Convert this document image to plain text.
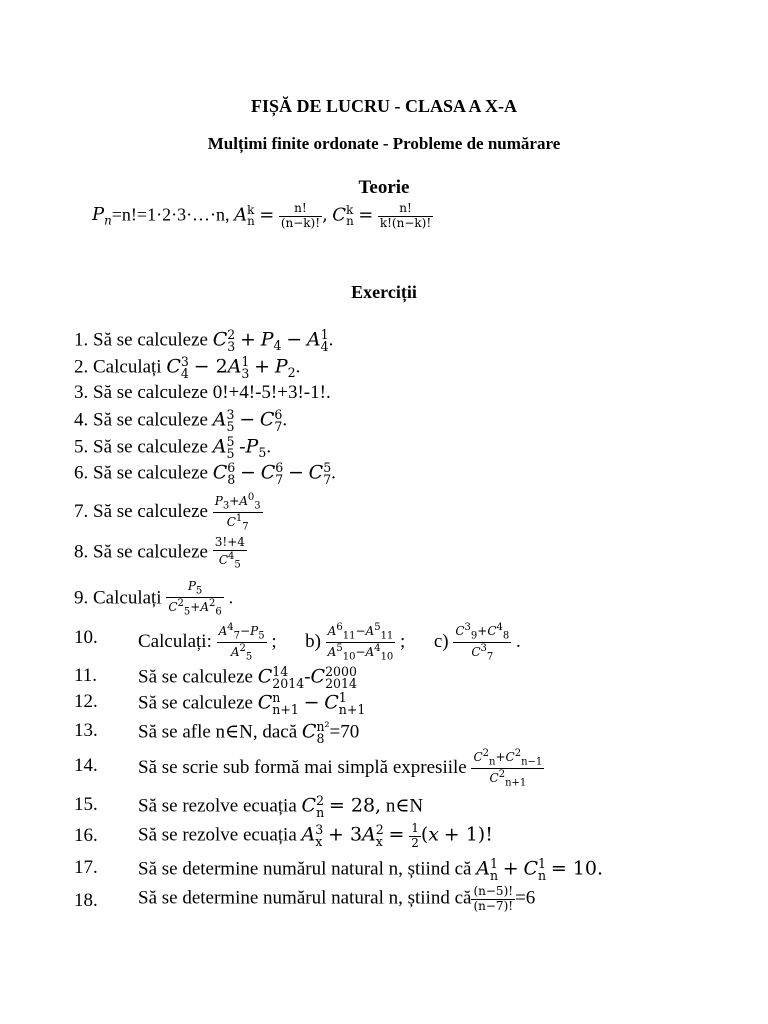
FIȘĂ DE LUCRU - CLASA A X-A
Mulțimi finite ordonate - Probleme de numărare
Teorie
$P_n=n!=1\cdot 2\cdot 3\cdot\dots\cdot n$, A k
$n = \frac{n!}{(n-k)!}$ , C k
$n = \frac{n!}{k!(n-k)!}$
Exerciții
1. Să se calculeze C 2
$3 + P_4 - A$ 1
4 .
2. Calculați C 3
4 − 2A 1
$3 + P_2$.
3. Să se calculeze 0!+4!-5!+3!-1!.
4. Să se calculeze A 3
5 − C 6
7 .
5. Să se calculeze A 5
5 $-P_5$.
6. Să se calculeze C 6
8 − C 6
7 − C 5
7 .
7. Să se calculeze $\frac{P_3+A^0_3}{C^1_7}$
8. Să se calculeze $\frac{3!+4}{C^4_5}$
9. Calculați $\frac{P_5}{C^2_5+A^2_6}$ .
10. Calculați: $\frac{A^4_7-P_5}{A^2_5}$ ;      $b) \frac{A^6_{11}-A^5_{11}}{A^5_{10}-A^4_{10}}$ ;      $c) \frac{C^3_9+C^4_8}{C^3_7}$ .
11. Să se calculeze C 14
2014 -C 2000
2014
12. Să se calculeze C n
n+1 − C 1
n+1
13. Să se afle n∈N, dacă C n²
8 =70
14. Să se scrie sub formă mai simplă expresiile $\frac{C^2_n+C^2_{n-1}}{C^2_{n+1}}$
15. Să se rezolve ecuația C 2
n = 28, n∈N
16. Să se rezolve ecuația A 3
x + 3A 2
$x = \frac{1}{2} (x + 1)$!
17. Să se determine numărul natural n, știind că A 1
n + C 1
n = 10.
18. Să se determine numărul natural n, știind că $\frac{(n-5)!}{(n-7)!} =6$
